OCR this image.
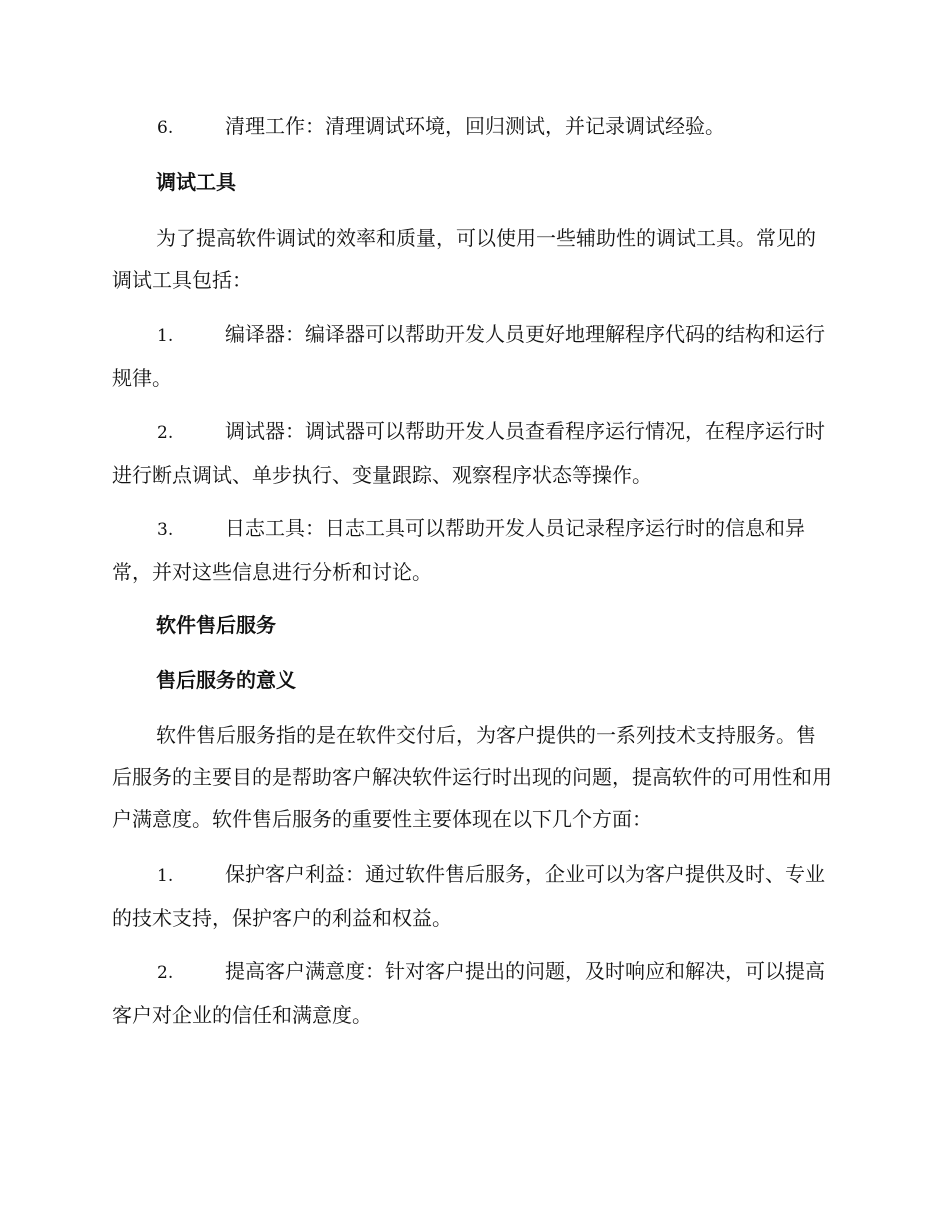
6.	清理工作：清理调试环境，回归测试，并记录调试经验。
调试工具
为了提高软件调试的效率和质量，可以使用一些辅助性的调试工具。常见的调试工具包括：
1.	编译器：编译器可以帮助开发人员更好地理解程序代码的结构和运行规律。
2.	调试器：调试器可以帮助开发人员查看程序运行情况，在程序运行时进行断点调试、单步执行、变量跟踪、观察程序状态等操作。
3.	日志工具：日志工具可以帮助开发人员记录程序运行时的信息和异常，并对这些信息进行分析和讨论。
软件售后服务
售后服务的意义
软件售后服务指的是在软件交付后，为客户提供的一系列技术支持服务。售后服务的主要目的是帮助客户解决软件运行时出现的问题，提高软件的可用性和用户满意度。软件售后服务的重要性主要体现在以下几个方面：
1.	保护客户利益：通过软件售后服务，企业可以为客户提供及时、专业的技术支持，保护客户的利益和权益。
2.	提高客户满意度：针对客户提出的问题，及时响应和解决，可以提高客户对企业的信任和满意度。
